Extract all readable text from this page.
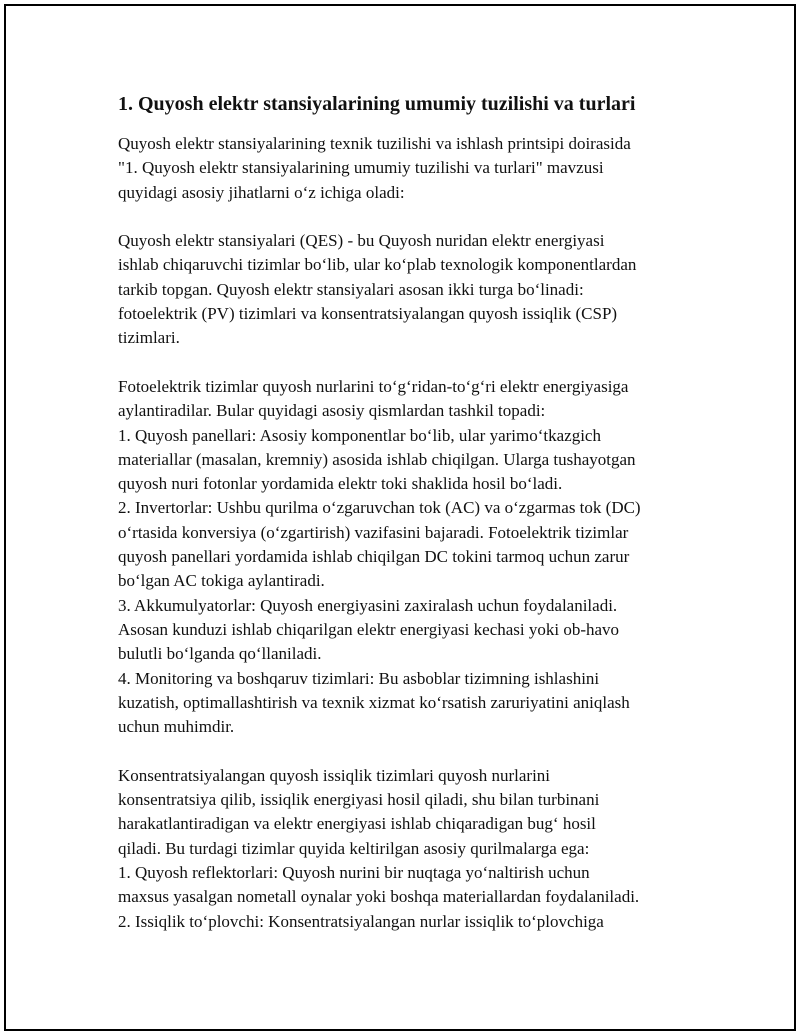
1. Quyosh elektr stansiyalarining umumiy tuzilishi va turlari
Quyosh elektr stansiyalarining texnik tuzilishi va ishlash printsipi doirasida
"1. Quyosh elektr stansiyalarining umumiy tuzilishi va turlari" mavzusi
quyidagi asosiy jihatlarni o‘z ichiga oladi:
Quyosh elektr stansiyalari (QES) - bu Quyosh nuridan elektr energiyasi
ishlab chiqaruvchi tizimlar bo‘lib, ular ko‘plab texnologik komponentlardan
tarkib topgan. Quyosh elektr stansiyalari asosan ikki turga bo‘linadi:
fotoelektrik (PV) tizimlari va konsentratsiyalangan quyosh issiqlik (CSP)
tizimlari.
Fotoelektrik tizimlar quyosh nurlarini to‘g‘ridan-to‘g‘ri elektr energiyasiga
aylantiradilar. Bular quyidagi asosiy qismlardan tashkil topadi:
1. Quyosh panellari: Asosiy komponentlar bo‘lib, ular yarimo‘tkazgich
materiallar (masalan, kremniy) asosida ishlab chiqilgan. Ularga tushayotgan
quyosh nuri fotonlar yordamida elektr toki shaklida hosil bo‘ladi.
2. Invertorlar: Ushbu qurilma o‘zgaruvchan tok (AC) va o‘zgarmas tok (DC)
o‘rtasida konversiya (o‘zgartirish) vazifasini bajaradi. Fotoelektrik tizimlar
quyosh panellari yordamida ishlab chiqilgan DC tokini tarmoq uchun zarur
bo‘lgan AC tokiga aylantiradi.
3. Akkumulyatorlar: Quyosh energiyasini zaxiralash uchun foydalaniladi.
Asosan kunduzi ishlab chiqarilgan elektr energiyasi kechasi yoki ob-havo
bulutli bo‘lganda qo‘llaniladi.
4. Monitoring va boshqaruv tizimlari: Bu asboblar tizimning ishlashini
kuzatish, optimallashtirish va texnik xizmat ko‘rsatish zaruriyatini aniqlash
uchun muhimdir.
Konsentratsiyalangan quyosh issiqlik tizimlari quyosh nurlarini
konsentratsiya qilib, issiqlik energiyasi hosil qiladi, shu bilan turbinani
harakatlantiradigan va elektr energiyasi ishlab chiqaradigan bug‘ hosil
qiladi. Bu turdagi tizimlar quyida keltirilgan asosiy qurilmalarga ega:
1. Quyosh reflektorlari: Quyosh nurini bir nuqtaga yo‘naltirish uchun
maxsus yasalgan nometall oynalar yoki boshqa materiallardan foydalaniladi.
2. Issiqlik to‘plovchi: Konsentratsiyalangan nurlar issiqlik to‘plovchiga
